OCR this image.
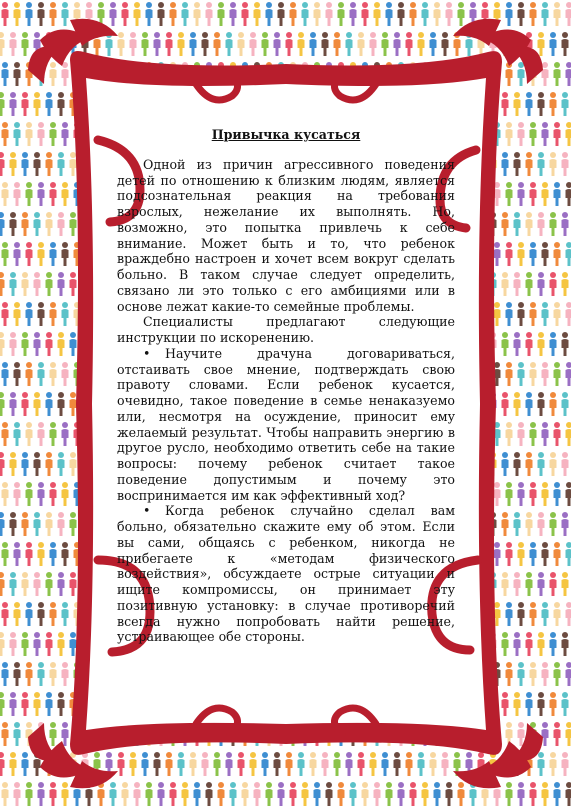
Привычка кусаться

Одной из причин агрессивного поведения детей по отношению к близким людям, является подсознательная реакция на требования взрослых, нежелание их выполнять. Но, возможно, это попытка привлечь к себе внимание. Может быть и то, что ребенок враждебно настроен и хочет всем вокруг сделать больно. В таком случае следует определить, связано ли это только с его амбициями или в основе лежат какие-то семейные проблемы.

Специалисты предлагают следующие инструкции по искоренению.

• Научите драчуна договариваться, отстаивать свое мнение, подтверждать свою правоту словами. Если ребенок кусается, очевидно, такое поведение в семье ненаказуемо или, несмотря на осуждение, приносит ему желаемый результат. Чтобы направить энергию в другое русло, необходимо ответить себе на такие вопросы: почему ребенок считает такое поведение допустимым и почему это воспринимается им как эффективный ход?

• Когда ребенок случайно сделал вам больно, обязательно скажите ему об этом. Если вы сами, общаясь с ребенком, никогда не прибегаете к «методам физического воздействия», обсуждаете острые ситуации и ищите компромиссы, он принимает эту позитивную установку: в случае противоречий всегда нужно попробовать найти решение, устраивающее обе стороны.
